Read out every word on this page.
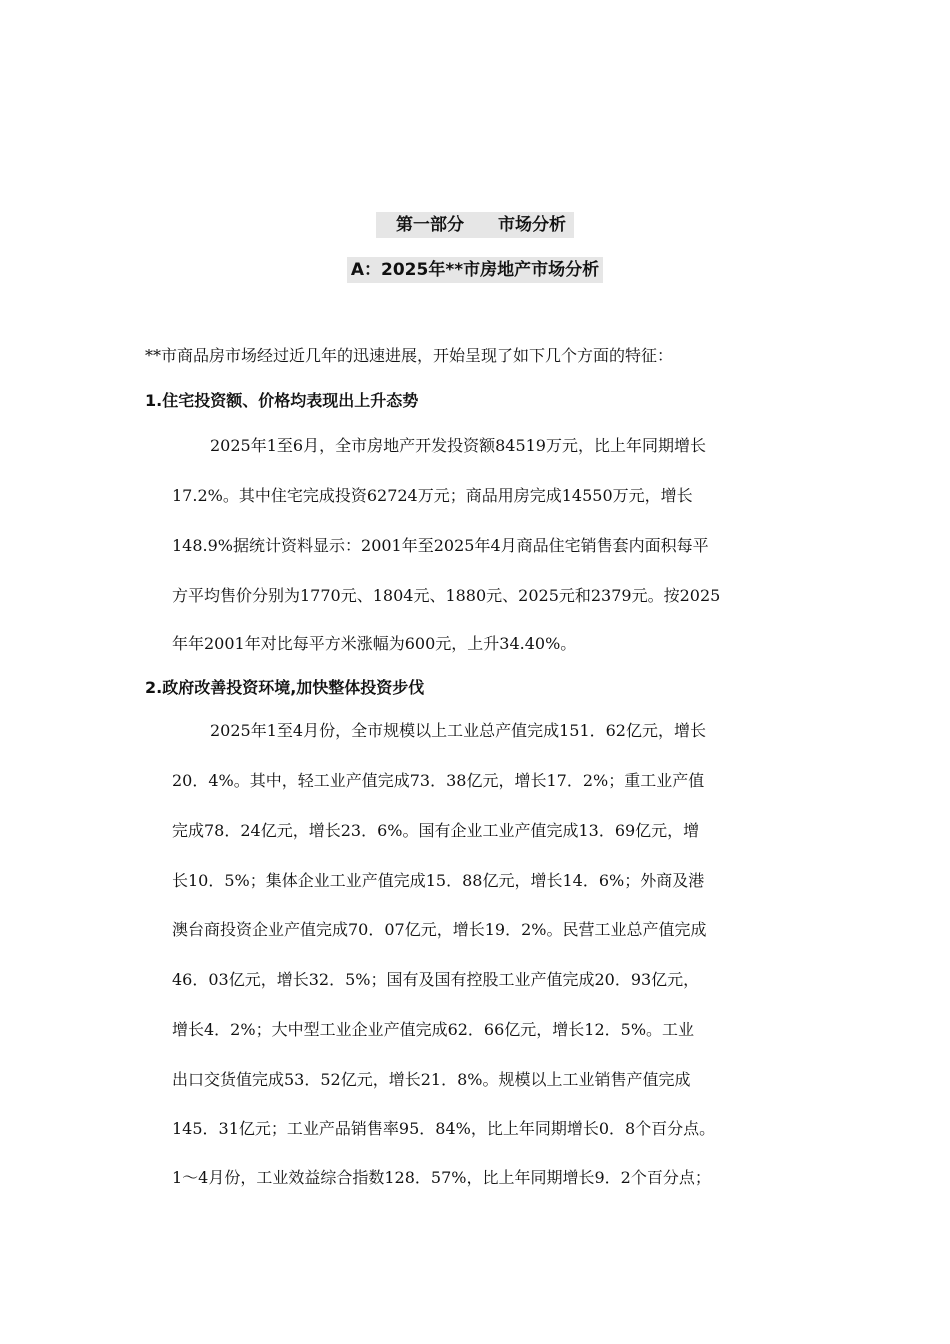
第一部分　　市场分析
A：2025年**市房地产市场分析
**市商品房市场经过近几年的迅速进展，开始呈现了如下几个方面的特征：
1.住宅投资额、价格均表现出上升态势
2025年1至6月，全市房地产开发投资额84519万元，比上年同期增长
17.2%。其中住宅完成投资62724万元；商品用房完成14550万元，增长
148.9%据统计资料显示：2001年至2025年4月商品住宅销售套内面积每平
方平均售价分别为1770元、1804元、1880元、2025元和2379元。按2025
年年2001年对比每平方米涨幅为600元，上升34.40%。
2.政府改善投资环境,加快整体投资步伐
2025年1至4月份，全市规模以上工业总产值完成151．62亿元，增长
20．4%。其中，轻工业产值完成73．38亿元，增长17．2%；重工业产值
完成78．24亿元，增长23．6%。国有企业工业产值完成13．69亿元，增
长10．5%；集体企业工业产值完成15．88亿元，增长14．6%；外商及港
澳台商投资企业产值完成70．07亿元，增长19．2%。民营工业总产值完成
46．03亿元，增长32．5%；国有及国有控股工业产值完成20．93亿元，
增长4．2%；大中型工业企业产值完成62．66亿元，增长12．5%。工业
出口交货值完成53．52亿元，增长21．8%。规模以上工业销售产值完成
145．31亿元；工业产品销售率95．84%，比上年同期增长0．8个百分点。
1～4月份，工业效益综合指数128．57%，比上年同期增长9．2个百分点；
